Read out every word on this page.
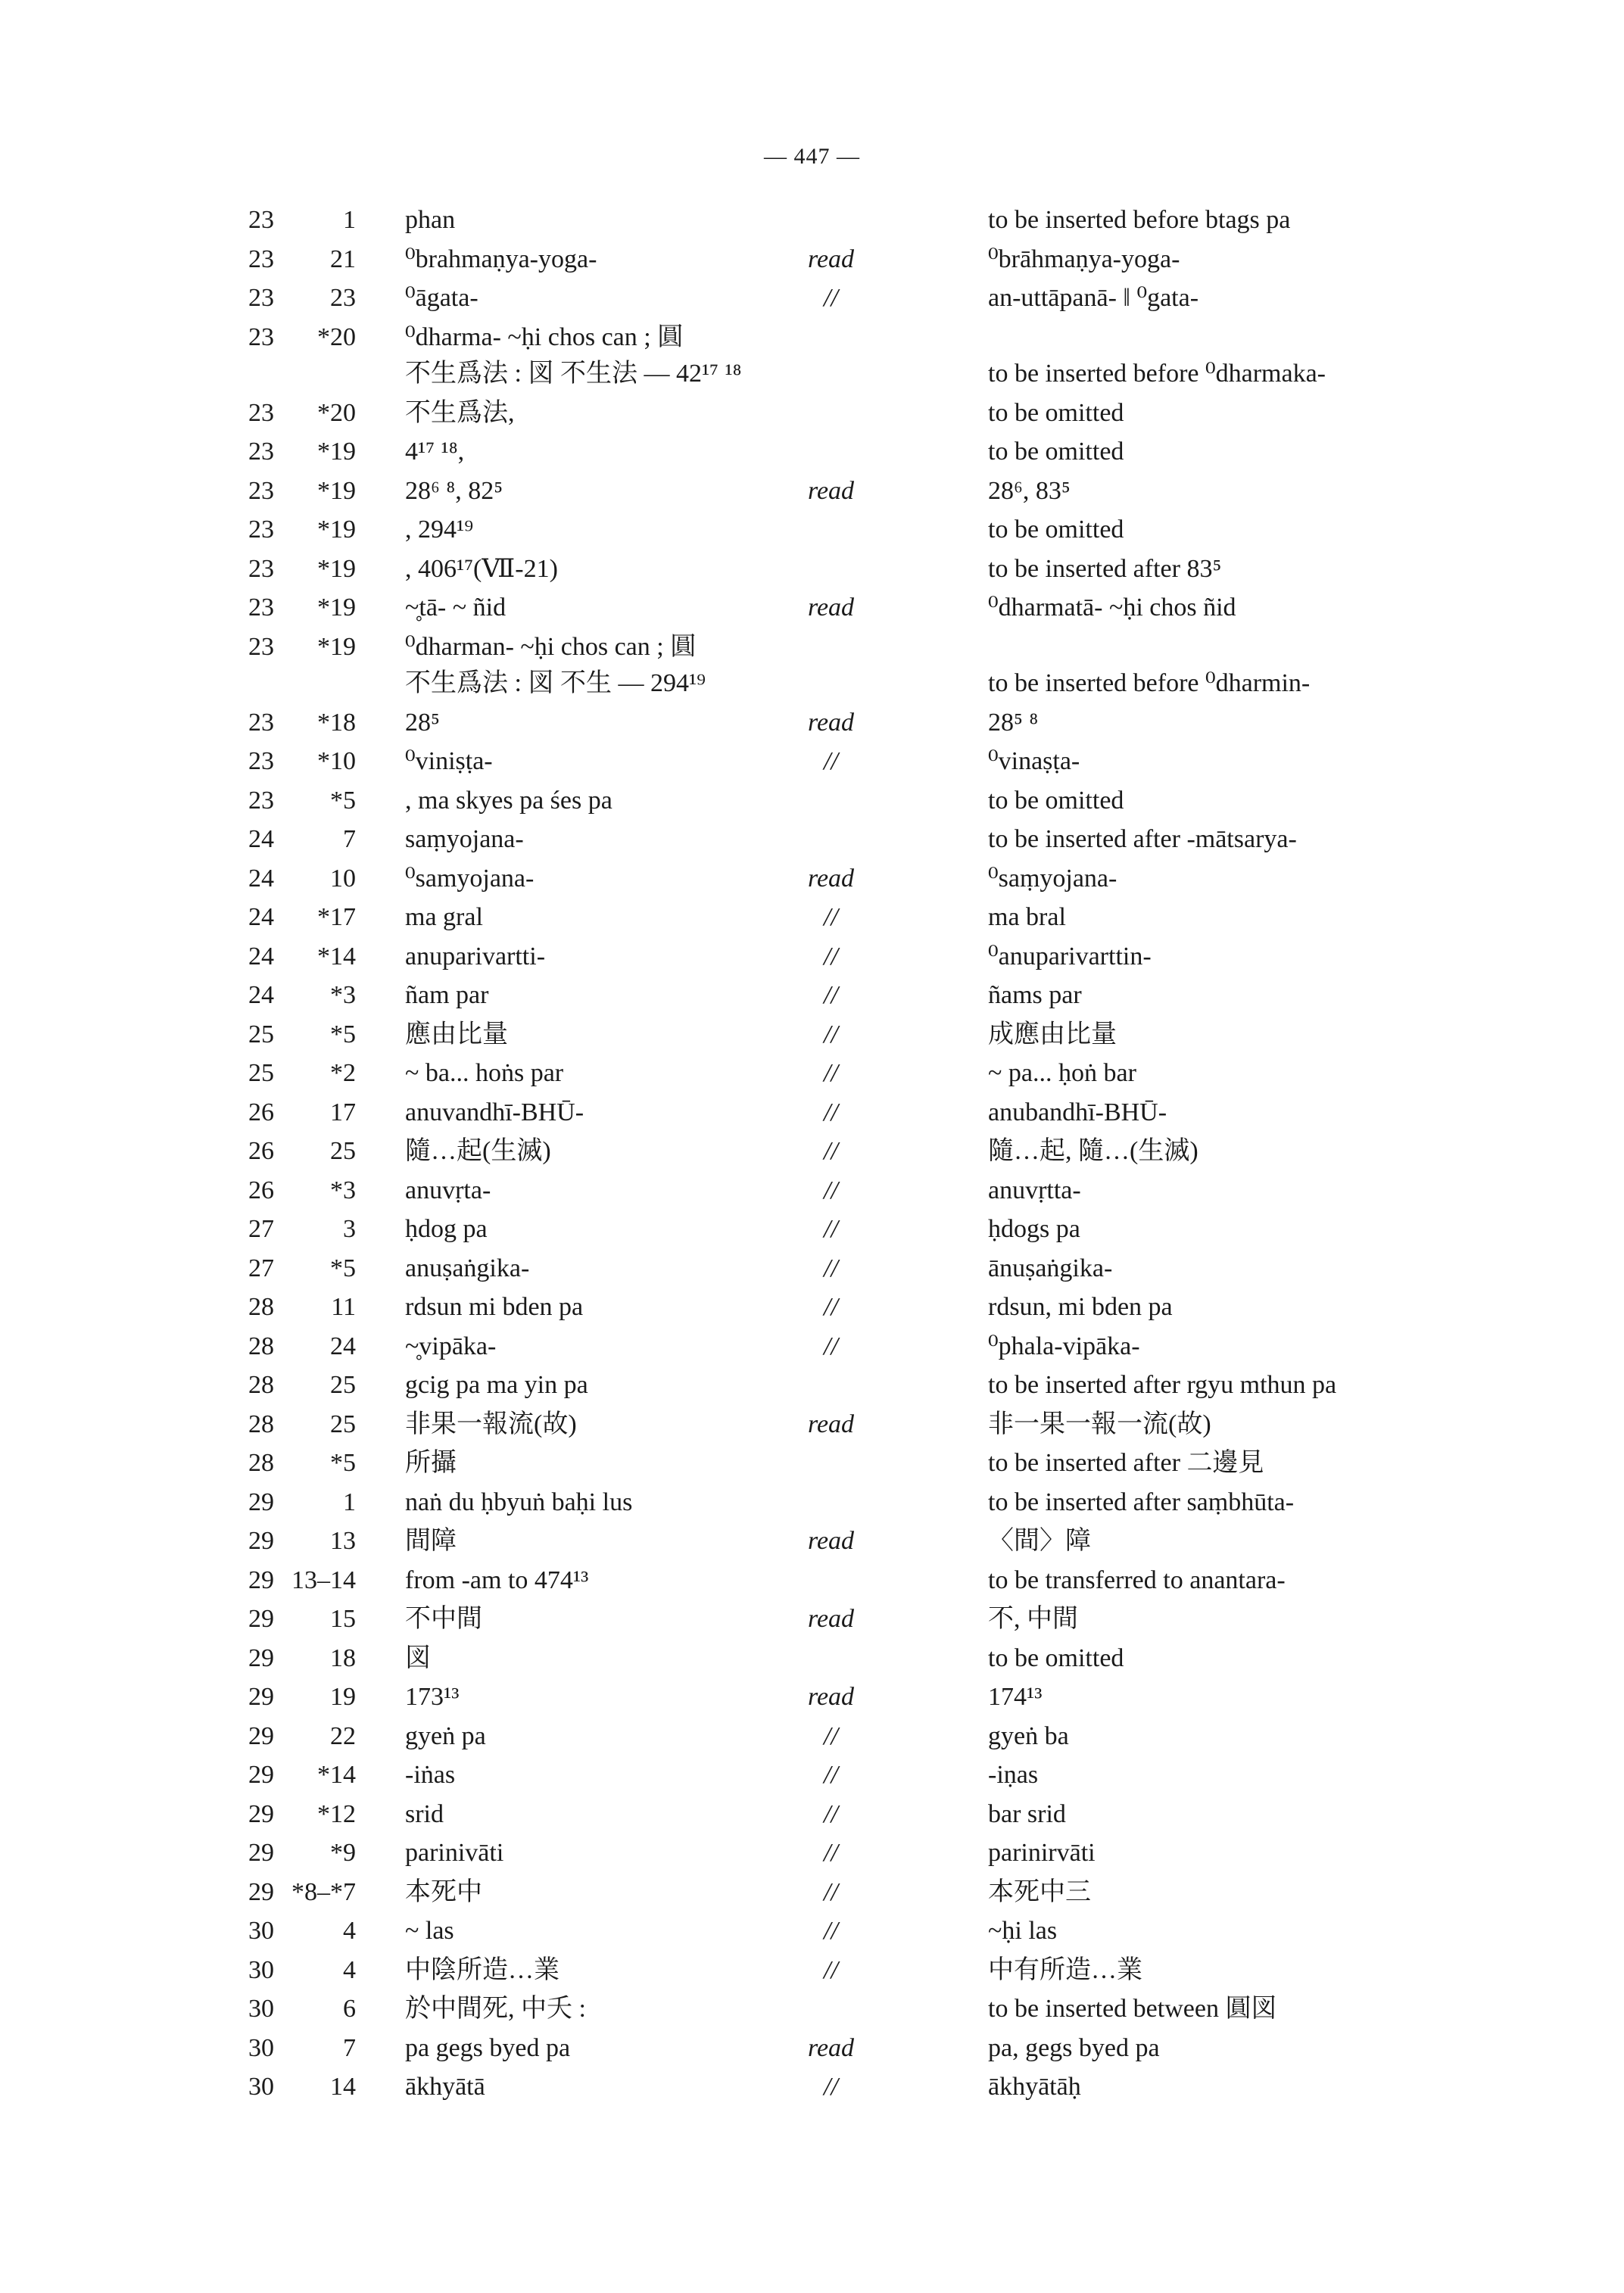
— 447 —
23	1 phan	to be inserted before btags pa
23	21 ⁰brahmaṇya-yoga-	read	⁰brāhmaṇya-yoga-
23	23 ⁰āgata-	//	an-uttāpanā- ‖ ⁰gata-
23	*20 ⁰dharma- ~ḥi chos can ; 圓
不生爲法 : 図 不生法 — 42¹⁷ ¹⁸	to be inserted before ⁰dharmaka-
23	*20 不生爲法,	to be omitted
23	*19 4¹⁷ ¹⁸,	to be omitted
23	*19 28⁶ ⁸, 82⁵	read	28⁶, 83⁵
23	*19 , 294¹⁹	to be omitted
23	*19 , 406¹⁷(Ⅶ-21)	to be inserted after 83⁵
23	*19 ~̥tā- ~ ñid	read	⁰dharmatā- ~ḥi chos ñid
23	*19 ⁰dharman- ~ḥi chos can ; 圓
不生爲法 : 図 不生 — 294¹⁹	to be inserted before ⁰dharmin-
23	*18 28⁵	read	28⁵ ⁸
23	*10 ⁰viniṣṭa-	//	⁰vinaṣṭa-
23	*5 , ma skyes pa śes pa	to be omitted
24	7 saṃyojana-	to be inserted after -mātsarya-
24	10 ⁰samyojana-	read	⁰saṃyojana-
24	*17 ma gral	//	ma bral
24	*14 anuparivartti-	//	⁰anuparivarttin-
24	*3 ñam par	//	ñams par
25	*5 應由比量	//	成應由比量
25	*2 ~ ba... hoṅs par	//	~ pa... ḥoṅ bar
26	17 anuvandhī-BHŪ-	//	anubandhī-BHŪ-
26	25 隨…起(生滅)	//	隨…起, 隨…(生滅)
26	*3 anuvṛta-	//	anuvṛtta-
27	3 ḥdog pa	//	ḥdogs pa
27	*5 anuṣaṅgika-	//	ānuṣaṅgika-
28	11 rdsun mi bden pa	//	rdsun, mi bden pa
28	24 ~̥vipāka-	//	⁰phala-vipāka-
28	25 gcig pa ma yin pa	to be inserted after rgyu mthun pa
28	25 非果一報流(故)	read	非一果一報一流(故)
28	*5 所攝	to be inserted after 二邊見
29	1 naṅ du ḥbyuṅ baḥi lus	to be inserted after saṃbhūta-
29	13 間障	read	〈間〉障
29 13–14 from -am to 474¹³	to be transferred to anantara-
29	15 不中間	read	不, 中間
29	18 図	to be omitted
29	19 173¹³	read	174¹³
29	22 gyeṅ pa	//	gyeṅ ba
29	*14 -iṅas	//	-iṇas
29	*12 srid	//	bar srid
29	*9 parinivāti	//	parinirvāti
29 *8–*7 本死中	//	本死中三
30	4 ~ las	//	~ḥi las
30	4 中陰所造…業	//	中有所造…業
30	6 於中間死, 中夭 :	to be inserted between 圓図
30	7 pa gegs byed pa	read	pa, gegs byed pa
30	14 ākhyātā	//	ākhyātāḥ
